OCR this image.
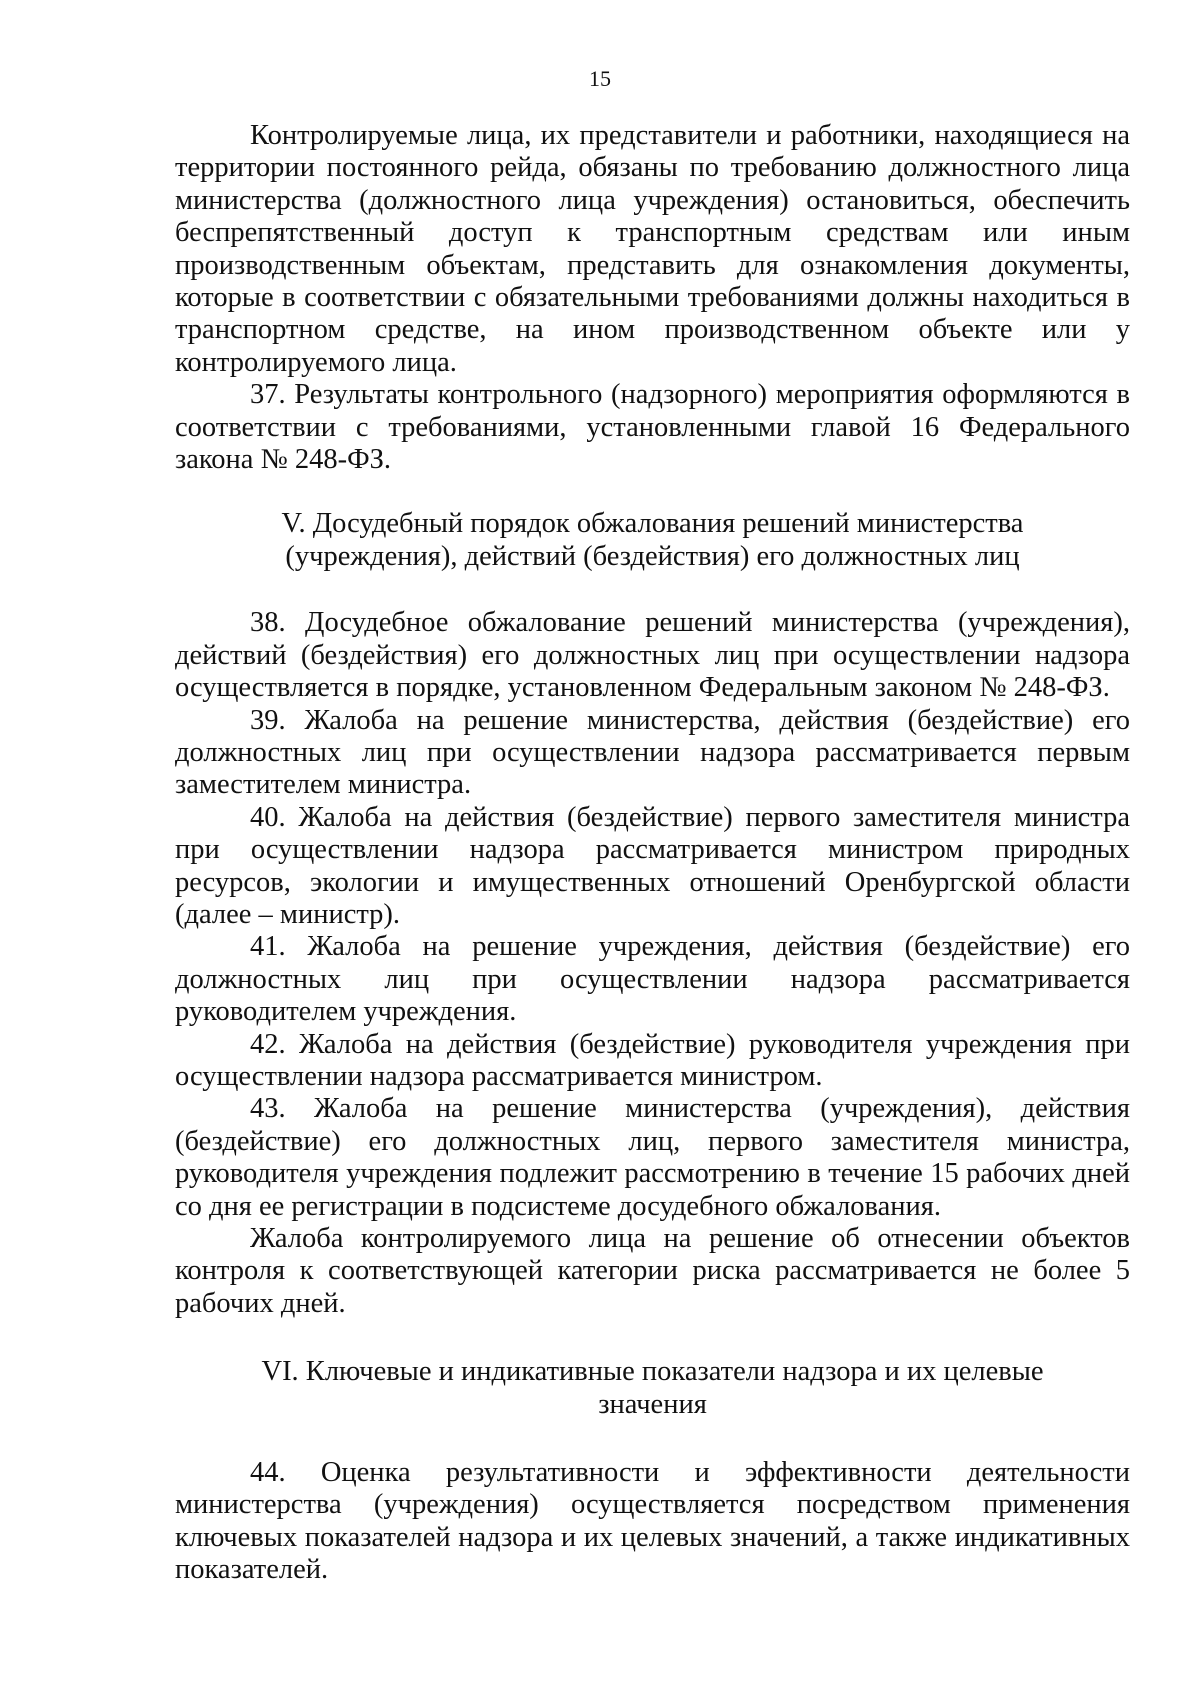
15

Контролируемые лица, их представители и работники, находящиеся на территории постоянного рейда, обязаны по требованию должностного лица министерства (должностного лица учреждения) остановиться, обеспечить беспрепятственный доступ к транспортным средствам или иным производственным объектам, представить для ознакомления документы, которые в соответствии с обязательными требованиями должны находиться в транспортном средстве, на ином производственном объекте или у контролируемого лица.

37. Результаты контрольного (надзорного) мероприятия оформляются в соответствии с требованиями, установленными главой 16 Федерального закона № 248-ФЗ.

V. Досудебный порядок обжалования решений министерства
(учреждения), действий (бездействия) его должностных лиц

38. Досудебное обжалование решений министерства (учреждения), действий (бездействия) его должностных лиц при осуществлении надзора осуществляется в порядке, установленном Федеральным законом № 248-ФЗ.

39. Жалоба на решение министерства, действия (бездействие) его должностных лиц при осуществлении надзора рассматривается первым заместителем министра.

40. Жалоба на действия (бездействие) первого заместителя министра при осуществлении надзора рассматривается министром природных ресурсов, экологии и имущественных отношений Оренбургской области (далее – министр).

41. Жалоба на решение учреждения, действия (бездействие) его должностных лиц при осуществлении надзора рассматривается руководителем учреждения.

42. Жалоба на действия (бездействие) руководителя учреждения при осуществлении надзора рассматривается министром.

43. Жалоба на решение министерства (учреждения), действия (бездействие) его должностных лиц, первого заместителя министра, руководителя учреждения подлежит рассмотрению в течение 15 рабочих дней со дня ее регистрации в подсистеме досудебного обжалования.

Жалоба контролируемого лица на решение об отнесении объектов контроля к соответствующей категории риска рассматривается не более 5 рабочих дней.

VI. Ключевые и индикативные показатели надзора и их целевые
значения

44. Оценка результативности и эффективности деятельности министерства (учреждения) осуществляется посредством применения ключевых показателей надзора и их целевых значений, а также индикативных показателей.
